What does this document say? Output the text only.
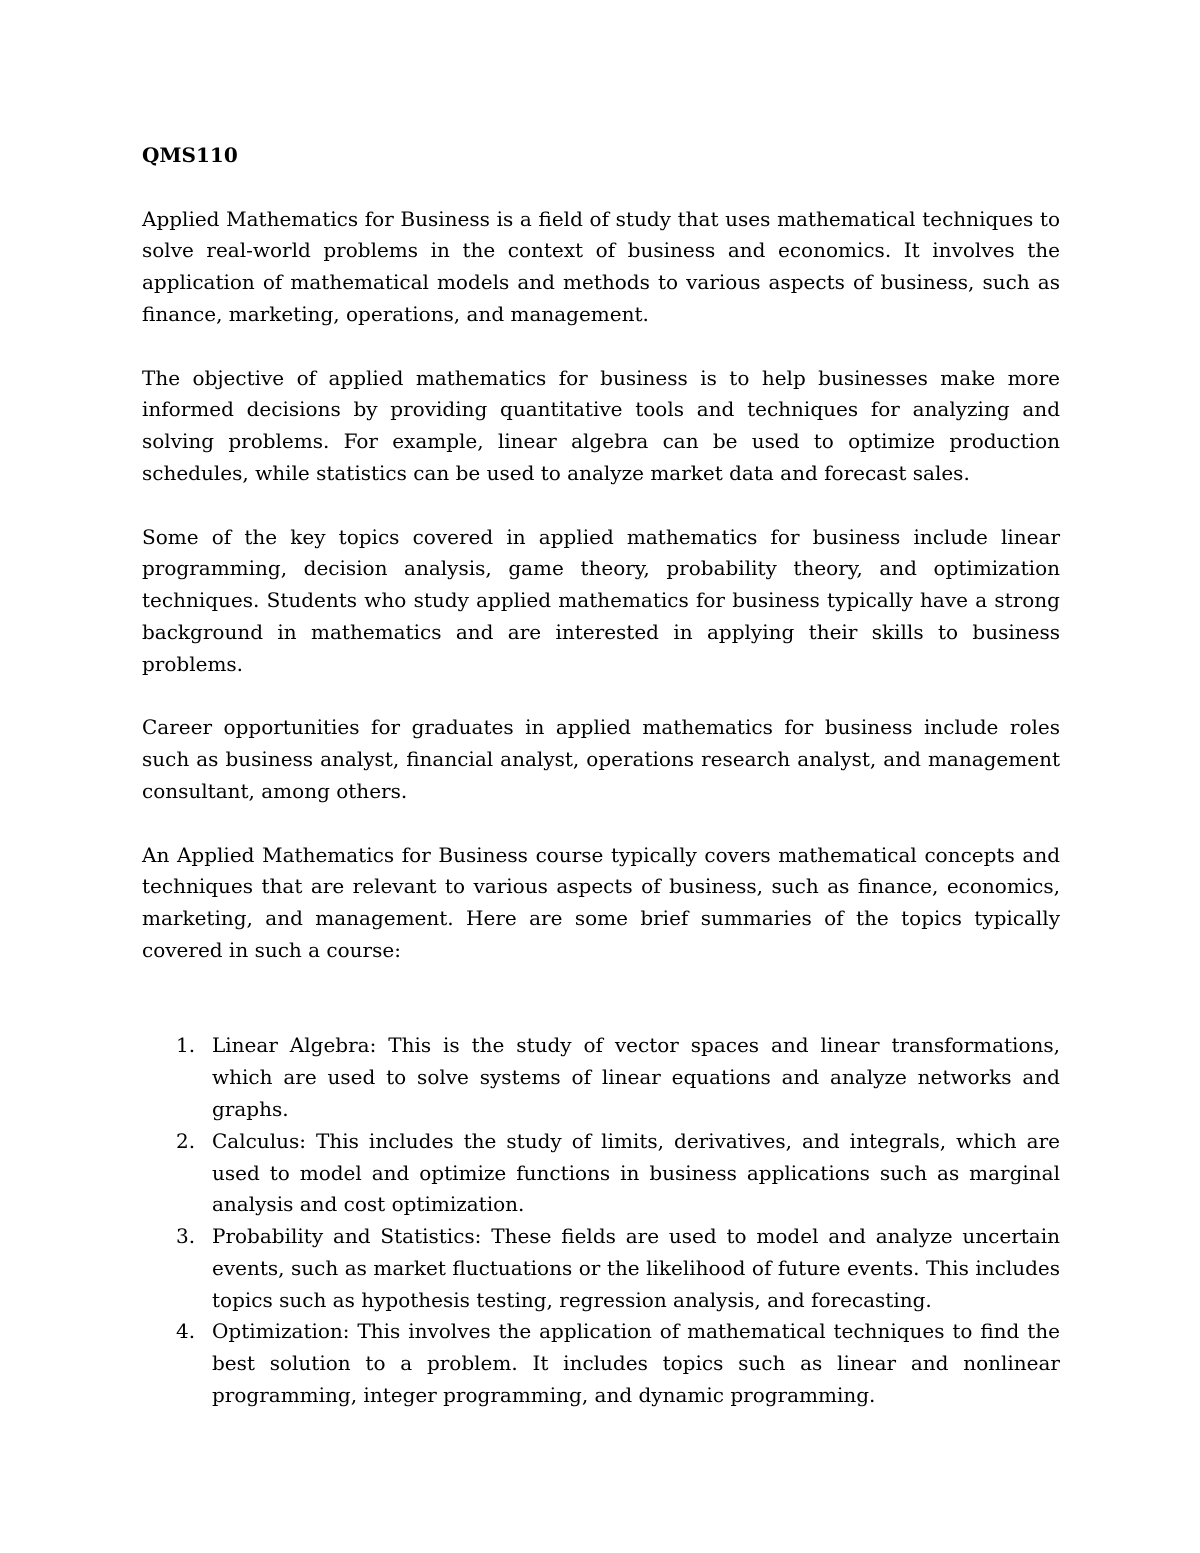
QMS110

Applied Mathematics for Business is a field of study that uses mathematical techniques to solve real-world problems in the context of business and economics. It involves the application of mathematical models and methods to various aspects of business, such as finance, marketing, operations, and management.

The objective of applied mathematics for business is to help businesses make more informed decisions by providing quantitative tools and techniques for analyzing and solving problems. For example, linear algebra can be used to optimize production schedules, while statistics can be used to analyze market data and forecast sales.

Some of the key topics covered in applied mathematics for business include linear programming, decision analysis, game theory, probability theory, and optimization techniques. Students who study applied mathematics for business typically have a strong background in mathematics and are interested in applying their skills to business problems.

Career opportunities for graduates in applied mathematics for business include roles such as business analyst, financial analyst, operations research analyst, and management consultant, among others.

An Applied Mathematics for Business course typically covers mathematical concepts and techniques that are relevant to various aspects of business, such as finance, economics, marketing, and management. Here are some brief summaries of the topics typically covered in such a course:

1. Linear Algebra: This is the study of vector spaces and linear transformations, which are used to solve systems of linear equations and analyze networks and graphs.
2. Calculus: This includes the study of limits, derivatives, and integrals, which are used to model and optimize functions in business applications such as marginal analysis and cost optimization.
3. Probability and Statistics: These fields are used to model and analyze uncertain events, such as market fluctuations or the likelihood of future events. This includes topics such as hypothesis testing, regression analysis, and forecasting.
4. Optimization: This involves the application of mathematical techniques to find the best solution to a problem. It includes topics such as linear and nonlinear programming, integer programming, and dynamic programming.
